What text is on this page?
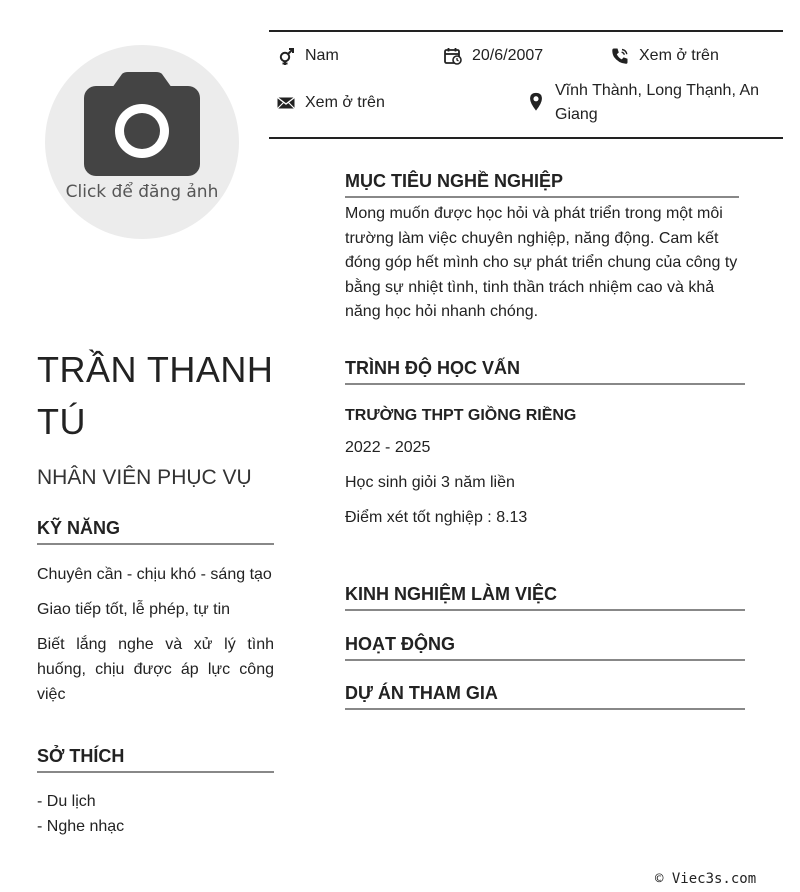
Click để đăng ảnh
Nam	20/6/2007	Xem ở trên
Xem ở trên
Vĩnh Thành, Long Thạnh, An Giang
TRẦN THANH TÚ
NHÂN VIÊN PHỤC VỤ
KỸ NĂNG
Chuyên cần - chịu khó - sáng tạo
Giao tiếp tốt, lễ phép, tự tin
Biết lắng nghe và xử lý tình huống, chịu được áp lực công việc
SỞ THÍCH
- Du lịch
- Nghe nhạc
MỤC TIÊU NGHỀ NGHIỆP

Mong muốn được học hỏi và phát triển trong một môi trường làm việc chuyên nghiệp, năng động. Cam kết đóng góp hết mình cho sự phát triển chung của công ty bằng sự nhiệt tình, tinh thần trách nhiệm cao và khả năng học hỏi nhanh chóng.

TRÌNH ĐỘ HỌC VẤN
TRƯỜNG THPT GIỒNG RIỀNG
2022 - 2025
Học sinh giỏi 3 năm liền
Điểm xét tốt nghiệp : 8.13
KINH NGHIỆM LÀM VIỆC
HOẠT ĐỘNG
DỰ ÁN THAM GIA
© Viec3s.com
